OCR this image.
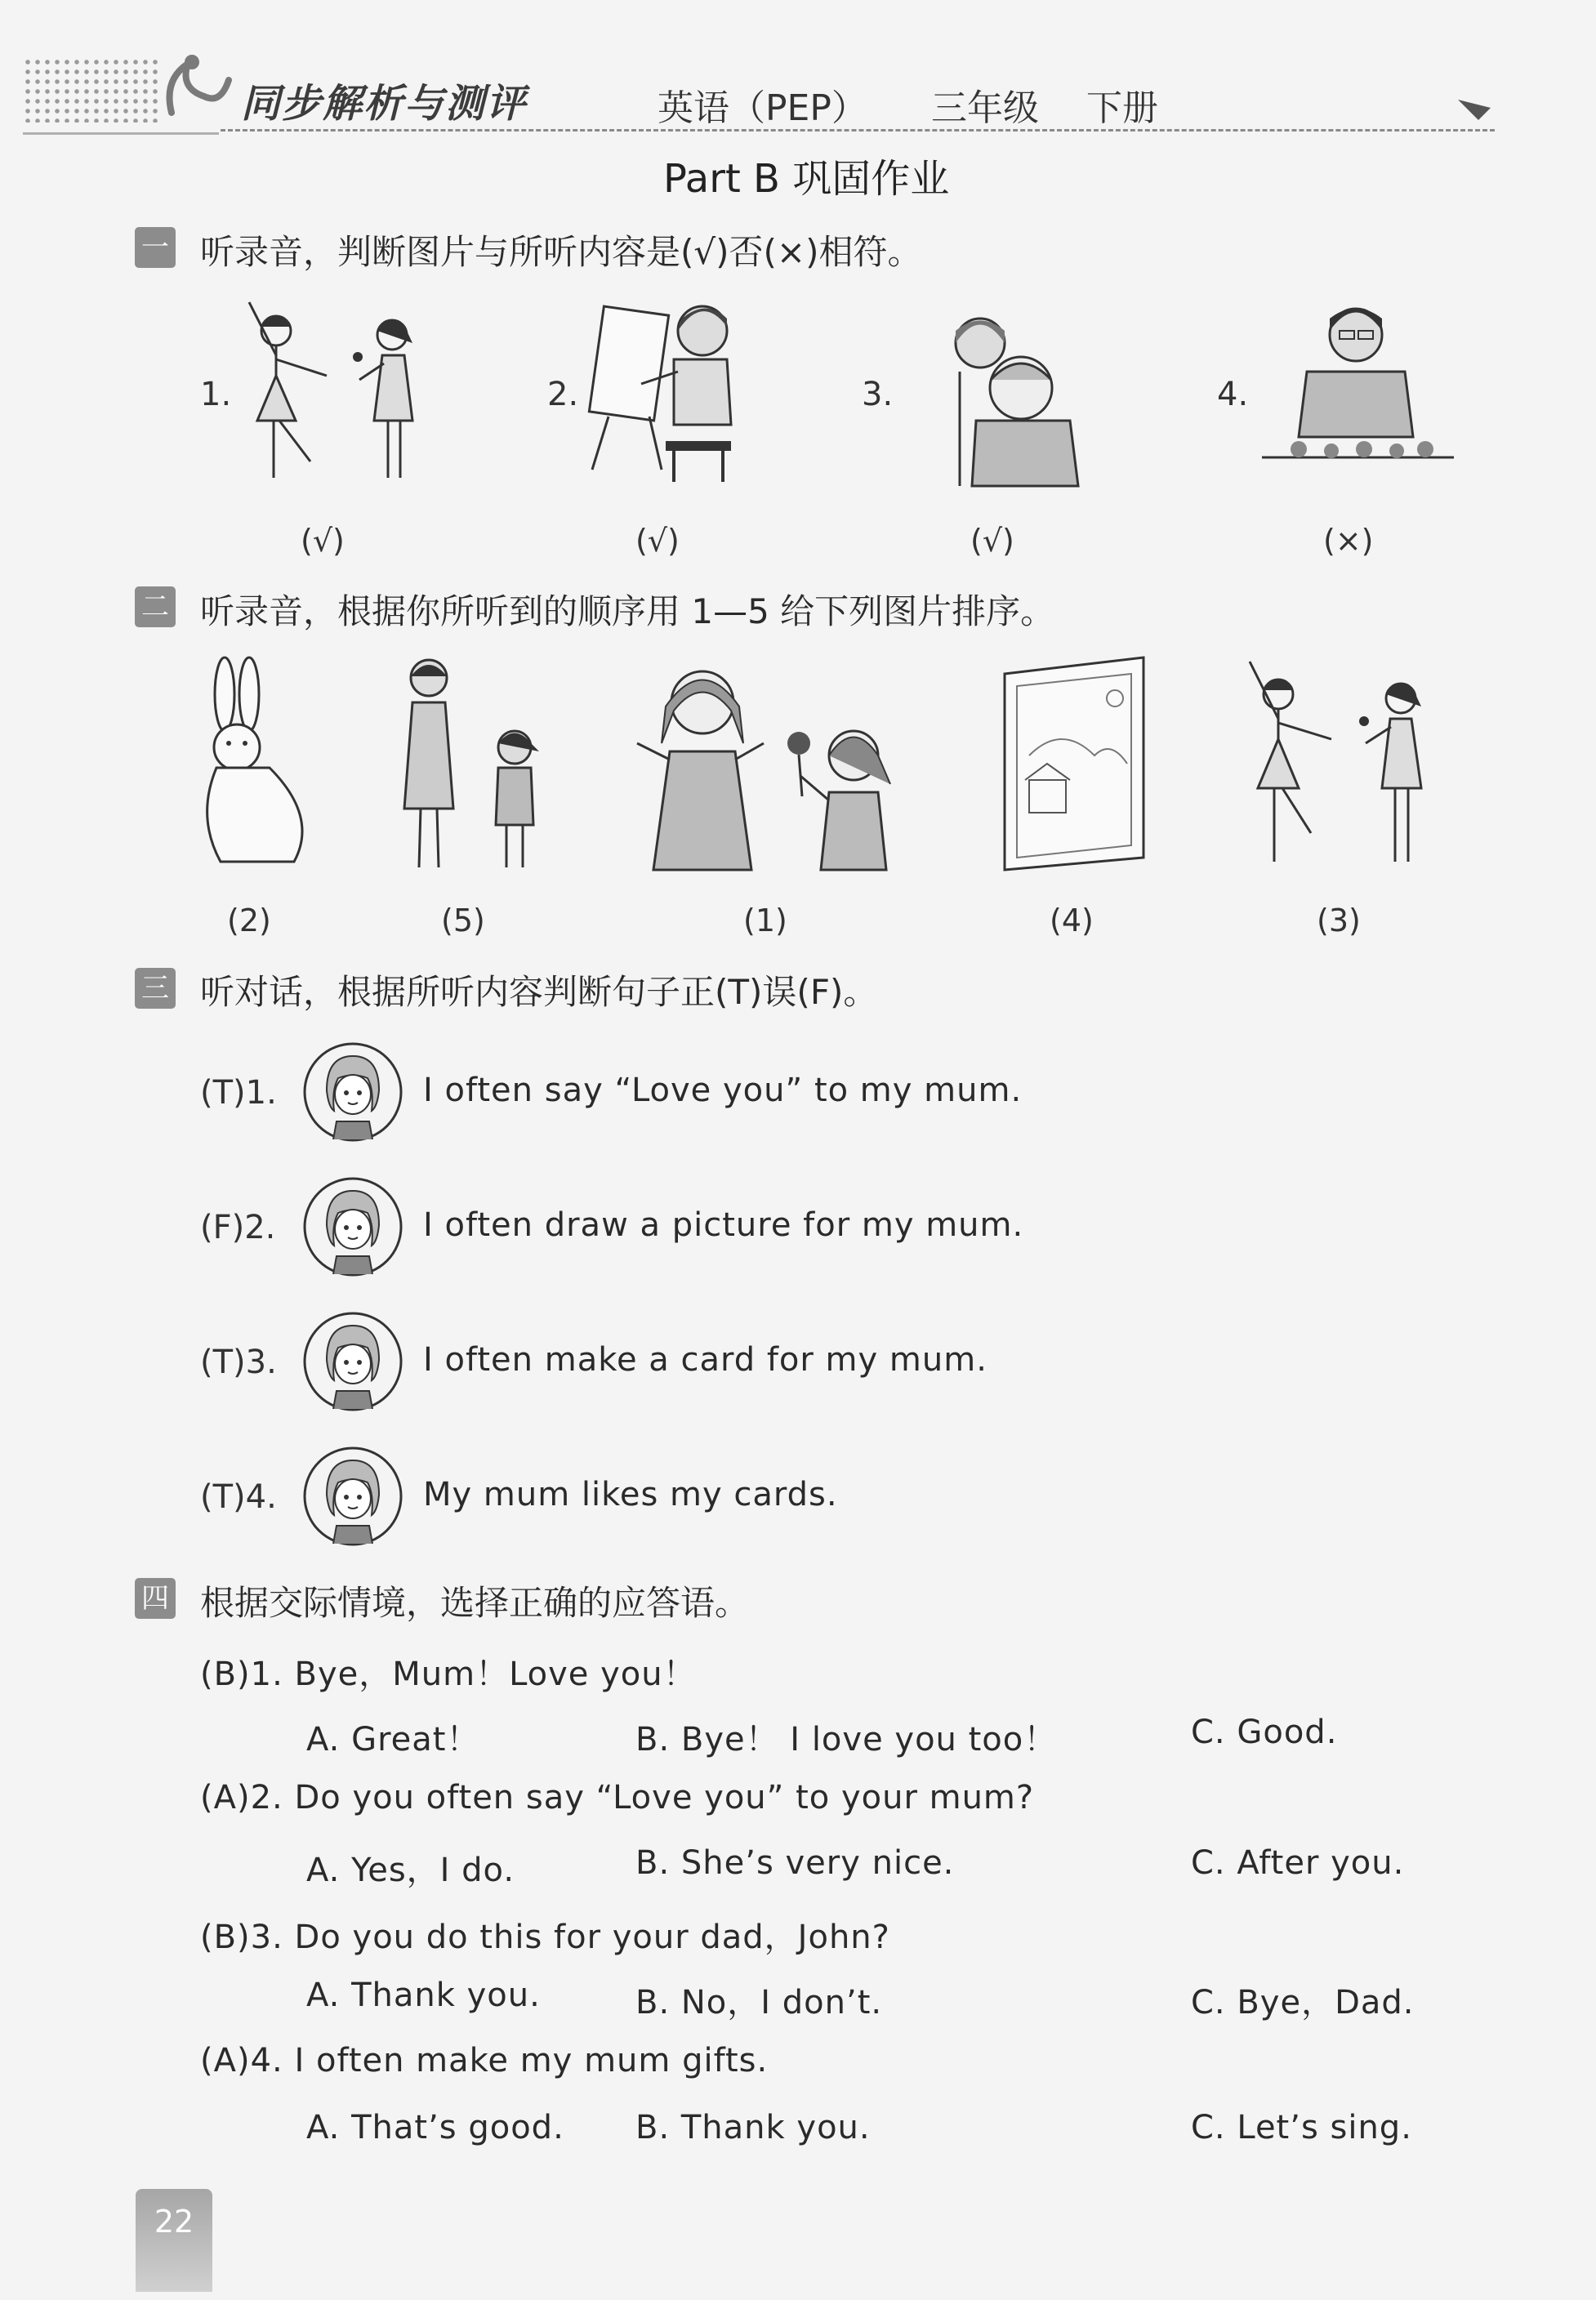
同步解析与测评	英语（PEP） 三年级 下册
Part B 巩固作业
一 听录音，判断图片与所听内容是(√)否(×)相符。
1.	2.	3.	4.
(√)	(√)	(√)	(×)
二 听录音，根据你所听到的顺序用 1—5 给下列图片排序。
(2)	(5)	(1)	(4)	(3)
三 听对话，根据所听内容判断句子正(T)误(F)。
(T)1.	I often say “Love you” to my mum.
(F)2.	I often draw a picture for my mum.
(T)3.	I often make a card for my mum.
(T)4.	My mum likes my cards.
四 根据交际情境，选择正确的应答语。
(B)1. Bye，Mum！Love you！
A. Great！	B. Bye！ I love you too！	C. Good.
(A)2. Do you often say “Love you” to your mum?
A. Yes，I do.	B. She’s very nice.	C. After you.
(B)3. Do you do this for your dad，John?
A. Thank you.	B. No，I don’t.	C. Bye，Dad.
(A)4. I often make my mum gifts.
A. That’s good. B. Thank you.	C. Let’s sing.
22
